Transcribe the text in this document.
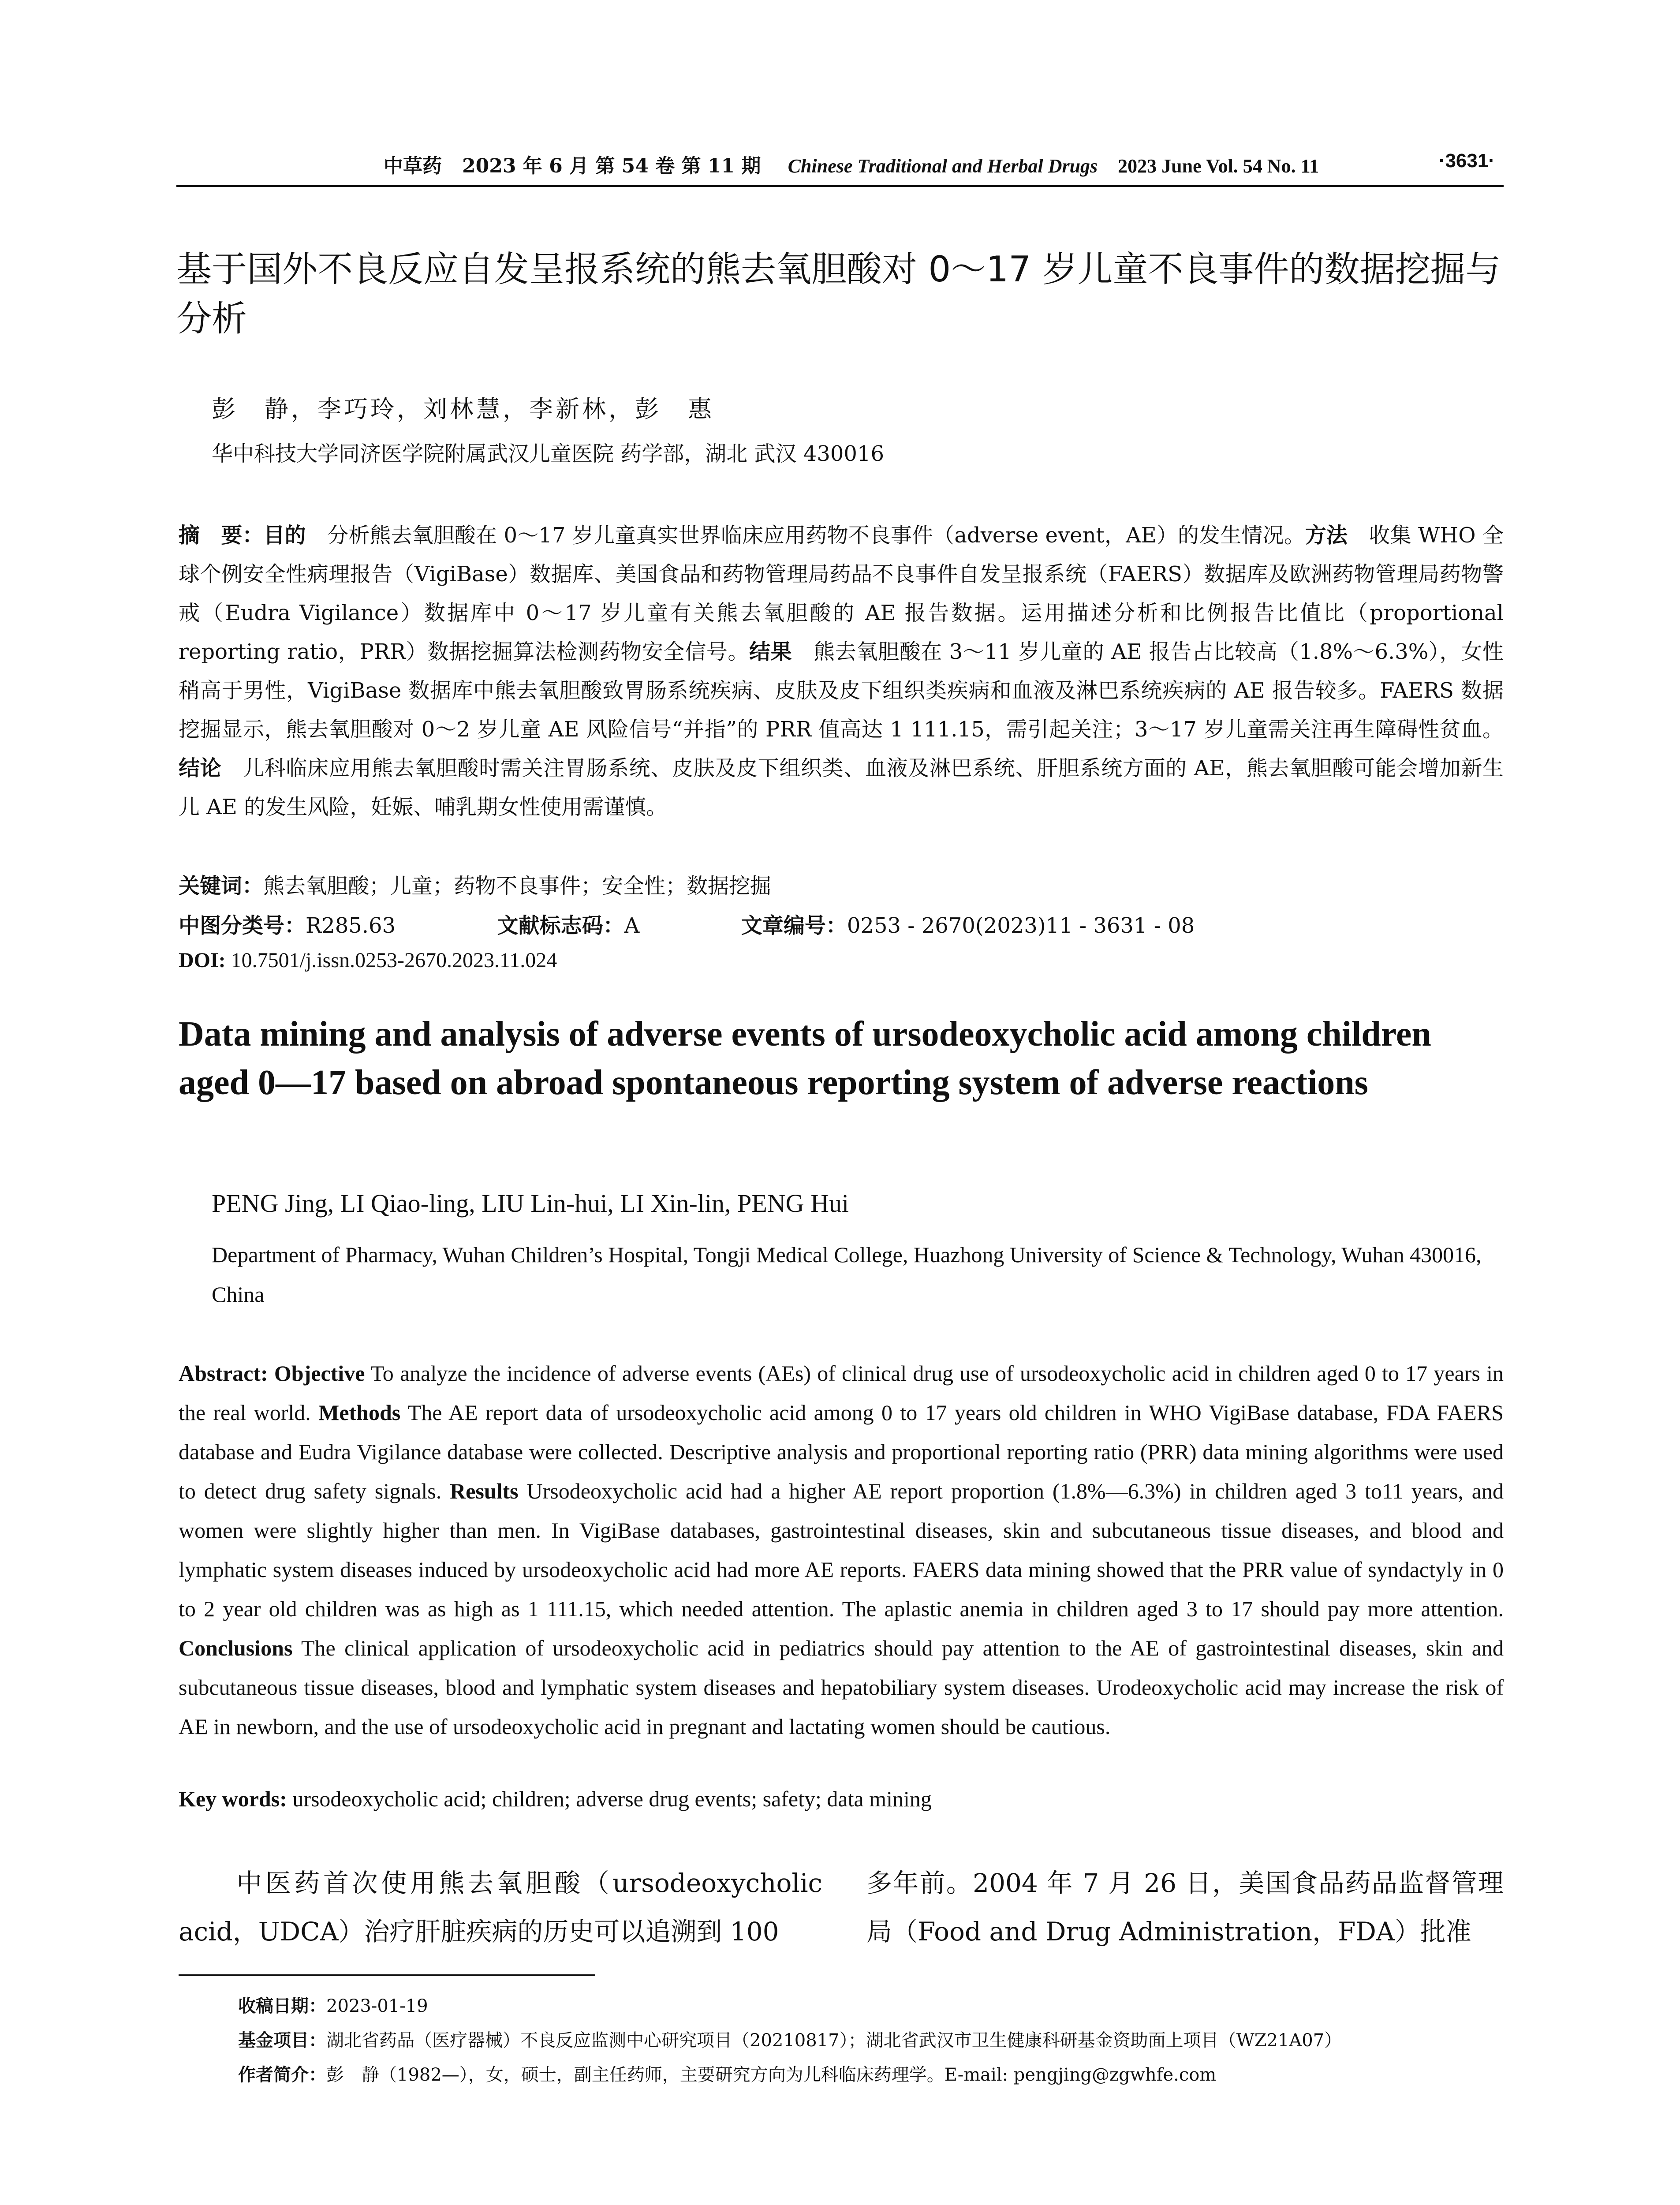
中草药 2023 年 6 月 第 54 卷 第 11 期 Chinese Traditional and Herbal Drugs 2023 June Vol. 54 No. 11	·3631·
基于国外不良反应自发呈报系统的熊去氧胆酸对 0～17 岁儿童不良事件的数据挖掘与分析
彭　静，李巧玲，刘林慧，李新林，彭　惠
华中科技大学同济医学院附属武汉儿童医院 药学部，湖北 武汉 430016
摘　要：目的　分析熊去氧胆酸在 0～17 岁儿童真实世界临床应用药物不良事件（adverse event，AE）的发生情况。方法　收集 WHO 全球个例安全性病理报告（VigiBase）数据库、美国食品和药物管理局药品不良事件自发呈报系统（FAERS）数据库及欧洲药物管理局药物警戒（Eudra Vigilance）数据库中 0～17 岁儿童有关熊去氧胆酸的 AE 报告数据。运用描述分析和比例报告比值比（proportional reporting ratio，PRR）数据挖掘算法检测药物安全信号。结果　熊去氧胆酸在 3～11 岁儿童的 AE 报告占比较高（1.8%～6.3%），女性稍高于男性，VigiBase 数据库中熊去氧胆酸致胃肠系统疾病、皮肤及皮下组织类疾病和血液及淋巴系统疾病的 AE 报告较多。FAERS 数据挖掘显示，熊去氧胆酸对 0～2 岁儿童 AE 风险信号“并指”的 PRR 值高达 1 111.15，需引起关注；3～17 岁儿童需关注再生障碍性贫血。结论　儿科临床应用熊去氧胆酸时需关注胃肠系统、皮肤及皮下组织类、血液及淋巴系统、肝胆系统方面的 AE，熊去氧胆酸可能会增加新生儿 AE 的发生风险，妊娠、哺乳期女性使用需谨慎。
关键词：熊去氧胆酸；儿童；药物不良事件；安全性；数据挖掘
中图分类号：R285.63	文献标志码：A	文章编号：0253 - 2670(2023)11 - 3631 - 08
DOI: 10.7501/j.issn.0253-2670.2023.11.024
Data mining and analysis of adverse events of ursodeoxycholic acid among children aged 0—17 based on abroad spontaneous reporting system of adverse reactions
PENG Jing, LI Qiao-ling, LIU Lin-hui, LI Xin-lin, PENG Hui
Department of Pharmacy, Wuhan Children’s Hospital, Tongji Medical College, Huazhong University of Science & Technology, Wuhan 430016, China
Abstract: Objective To analyze the incidence of adverse events (AEs) of clinical drug use of ursodeoxycholic acid in children aged 0 to 17 years in the real world. Methods The AE report data of ursodeoxycholic acid among 0 to 17 years old children in WHO VigiBase database, FDA FAERS database and Eudra Vigilance database were collected. Descriptive analysis and proportional reporting ratio (PRR) data mining algorithms were used to detect drug safety signals. Results Ursodeoxycholic acid had a higher AE report proportion (1.8%—6.3%) in children aged 3 to11 years, and women were slightly higher than men. In VigiBase databases, gastrointestinal diseases, skin and subcutaneous tissue diseases, and blood and lymphatic system diseases induced by ursodeoxycholic acid had more AE reports. FAERS data mining showed that the PRR value of syndactyly in 0 to 2 year old children was as high as 1 111.15, which needed attention. The aplastic anemia in children aged 3 to 17 should pay more attention. Conclusions The clinical application of ursodeoxycholic acid in pediatrics should pay attention to the AE of gastrointestinal diseases, skin and subcutaneous tissue diseases, blood and lymphatic system diseases and hepatobiliary system diseases. Urodeoxycholic acid may increase the risk of AE in newborn, and the use of ursodeoxycholic acid in pregnant and lactating women should be cautious.
Key words: ursodeoxycholic acid; children; adverse drug events; safety; data mining
　　中医药首次使用熊去氧胆酸（ursodeoxycholic acid，UDCA）治疗肝脏疾病的历史可以追溯到 100
多年前。2004 年 7 月 26 日，美国食品药品监督管理局（Food and Drug Administration，FDA）批准
收稿日期：2023-01-19
基金项目：湖北省药品（医疗器械）不良反应监测中心研究项目（20210817）；湖北省武汉市卫生健康科研基金资助面上项目（WZ21A07）
作者简介：彭　静（1982—），女，硕士，副主任药师，主要研究方向为儿科临床药理学。E-mail: pengjing@zgwhfe.com
